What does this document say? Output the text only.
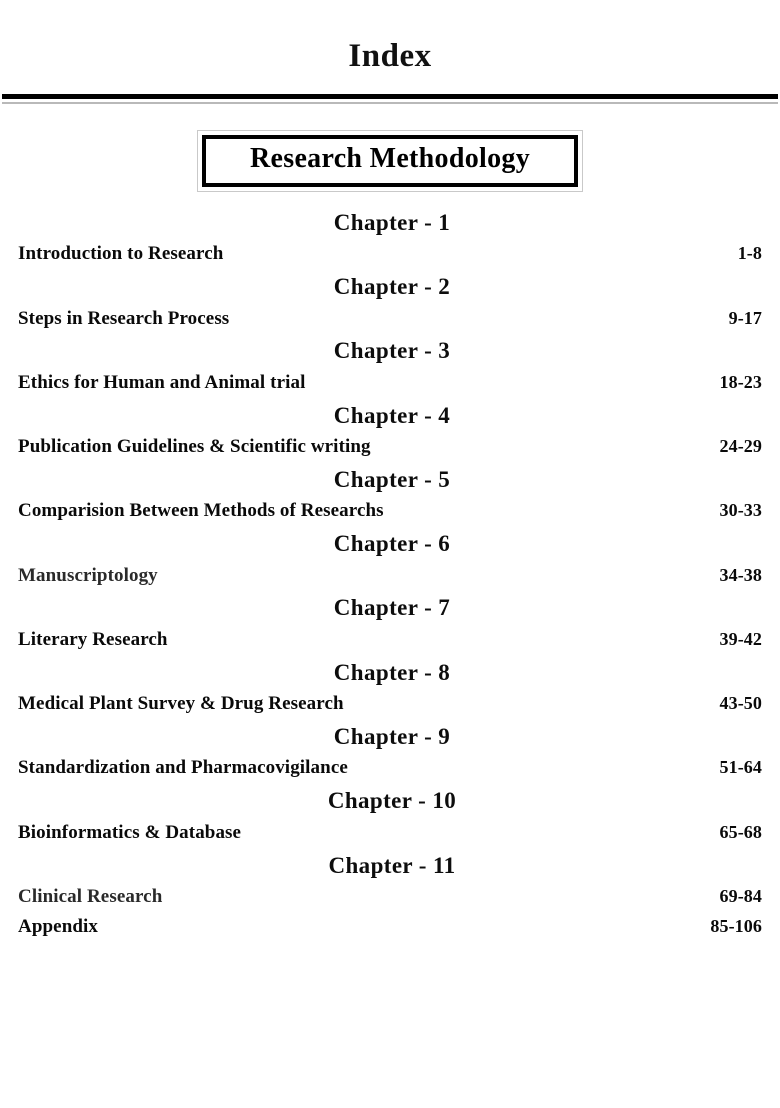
Index
Research Methodology
Chapter - 1
Introduction to Research	1-8
Chapter - 2
Steps in Research Process	9-17
Chapter - 3
Ethics for Human and Animal trial	18-23
Chapter - 4
Publication Guidelines & Scientific writing	24-29
Chapter - 5
Comparision Between Methods of Researchs	30-33
Chapter - 6
Manuscriptology	34-38
Chapter - 7
Literary Research	39-42
Chapter - 8
Medical Plant Survey & Drug Research	43-50
Chapter - 9
Standardization and Pharmacovigilance	51-64
Chapter - 10
Bioinformatics & Database	65-68
Chapter - 11
Clinical Research	69-84
Appendix	85-106
